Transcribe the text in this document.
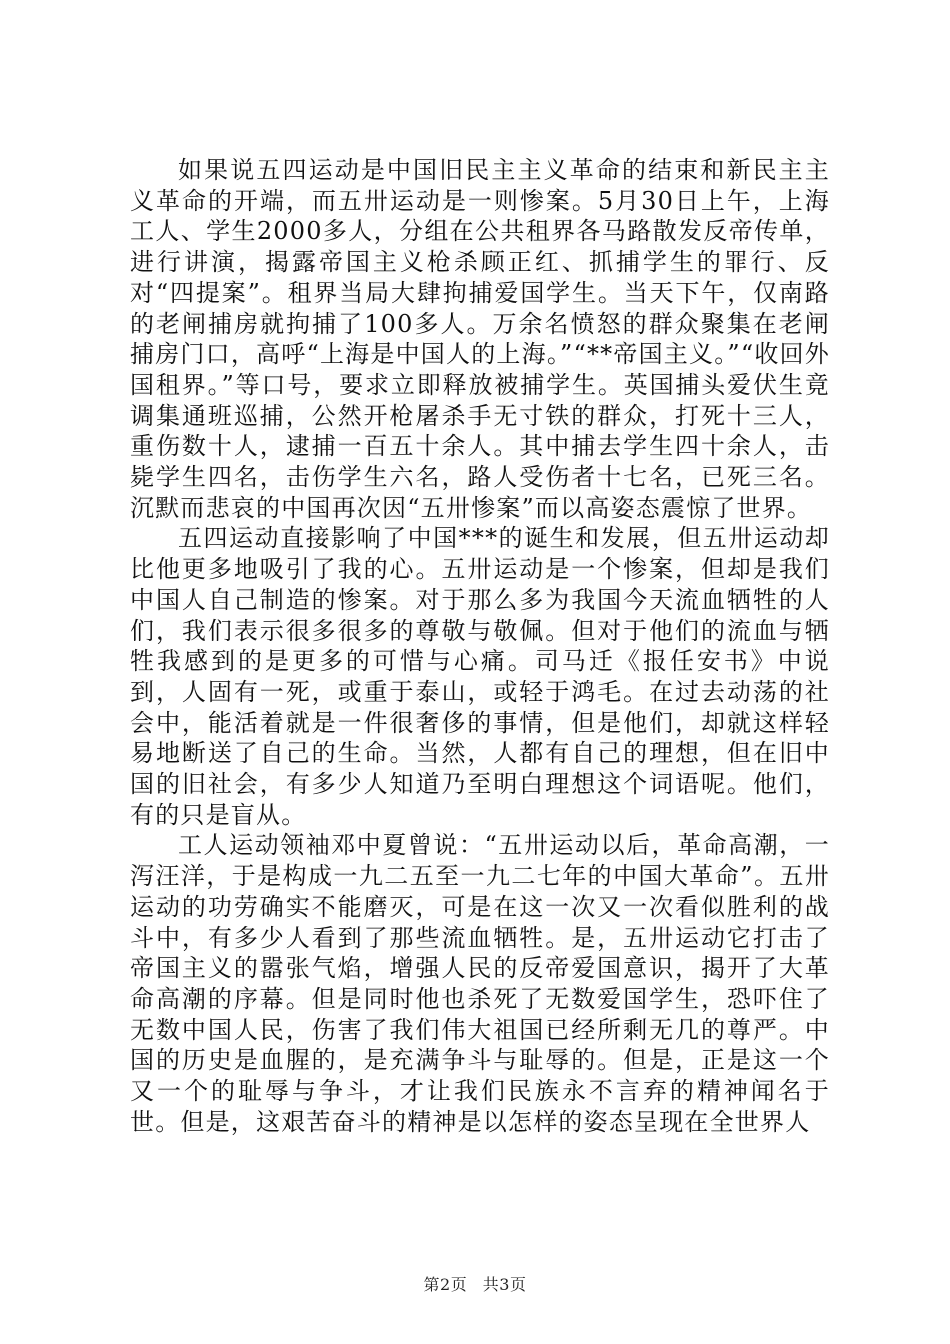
如果说五四运动是中国旧民主主义革命的结束和新民主主义革命的开端，而五卅运动是一则惨案。5月30日上午，上海工人、学生2000多人，分组在公共租界各马路散发反帝传单，进行讲演，揭露帝国主义枪杀顾正红、抓捕学生的罪行、反对“四提案”。租界当局大肆拘捕爱国学生。当天下午，仅南路的老闸捕房就拘捕了100多人。万余名愤怒的群众聚集在老闸捕房门口，高呼“上海是中国人的上海。”“**帝国主义。”“收回外国租界。”等口号，要求立即释放被捕学生。英国捕头爱伏生竟调集通班巡捕，公然开枪屠杀手无寸铁的群众，打死十三人，重伤数十人，逮捕一百五十余人。其中捕去学生四十余人，击毙学生四名，击伤学生六名，路人受伤者十七名，已死三名。沉默而悲哀的中国再次因“五卅惨案”而以高姿态震惊了世界。

五四运动直接影响了中国***的诞生和发展，但五卅运动却比他更多地吸引了我的心。五卅运动是一个惨案，但却是我们中国人自己制造的惨案。对于那么多为我国今天流血牺牲的人们，我们表示很多很多的尊敬与敬佩。但对于他们的流血与牺牲我感到的是更多的可惜与心痛。司马迁《报任安书》中说到，人固有一死，或重于泰山，或轻于鸿毛。在过去动荡的社会中，能活着就是一件很奢侈的事情，但是他们，却就这样轻易地断送了自己的生命。当然，人都有自己的理想，但在旧中国的旧社会，有多少人知道乃至明白理想这个词语呢。他们，有的只是盲从。

工人运动领袖邓中夏曾说：“五卅运动以后，革命高潮，一泻汪洋，于是构成一九二五至一九二七年的中国大革命”。五卅运动的功劳确实不能磨灭，可是在这一次又一次看似胜利的战斗中，有多少人看到了那些流血牺牲。是，五卅运动它打击了帝国主义的嚣张气焰，增强人民的反帝爱国意识，揭开了大革命高潮的序幕。但是同时他也杀死了无数爱国学生，恐吓住了无数中国人民，伤害了我们伟大祖国已经所剩无几的尊严。中国的历史是血腥的，是充满争斗与耻辱的。但是，正是这一个又一个的耻辱与争斗，才让我们民族永不言弃的精神闻名于世。但是，这艰苦奋斗的精神是以怎样的姿态呈现在全世界人

第2页 共3页
